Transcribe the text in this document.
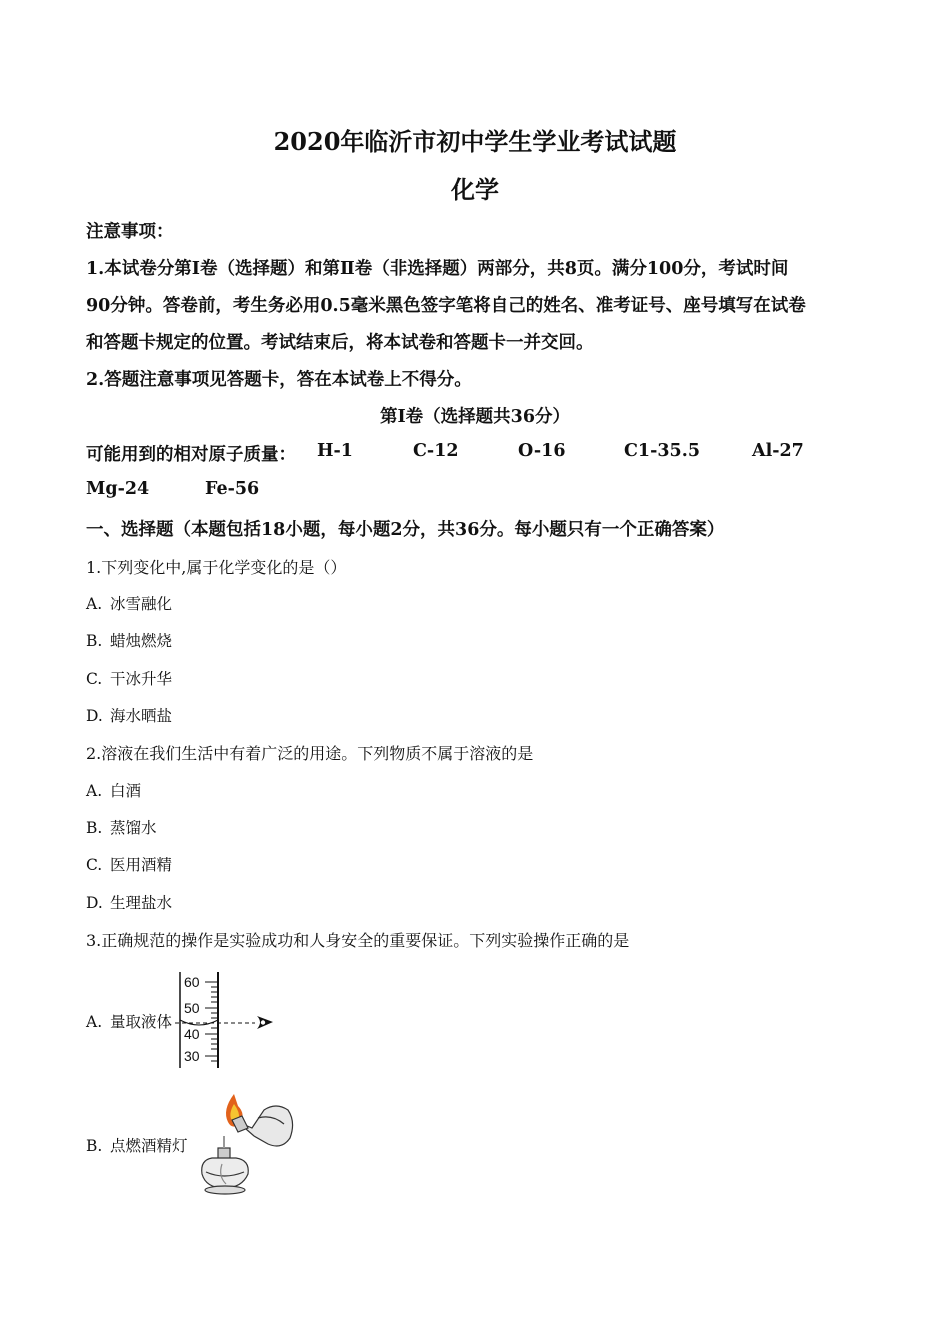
2020年临沂市初中学生学业考试试题
化学
注意事项：
1.本试卷分第Ⅰ卷（选择题）和第Ⅱ卷（非选择题）两部分，共8页。满分100分，考试时间
90分钟。答卷前，考生务必用0.5毫米黑色签字笔将自己的姓名、准考证号、座号填写在试卷
和答题卡规定的位置。考试结束后，将本试卷和答题卡一并交回。
2.答题注意事项见答题卡，答在本试卷上不得分。
第I卷（选择题共36分）
可能用到的相对原子质量： H-1	C-12	O-16	C1-35.5	Al-27
Mg-24	Fe-56
一、选择题（本题包括18小题，每小题2分，共36分。每小题只有一个正确答案）
1.下列变化中,属于化学变化的是（）
A. 冰雪融化
B. 蜡烛燃烧
C. 干冰升华
D. 海水晒盐
2.溶液在我们生活中有着广泛的用途。下列物质不属于溶液的是
A. 白酒
B. 蒸馏水
C. 医用酒精
D. 生理盐水
3.正确规范的操作是实验成功和人身安全的重要保证。下列实验操作正确的是
A. 量取液体
60
50
40
30
B. 点燃酒精灯
